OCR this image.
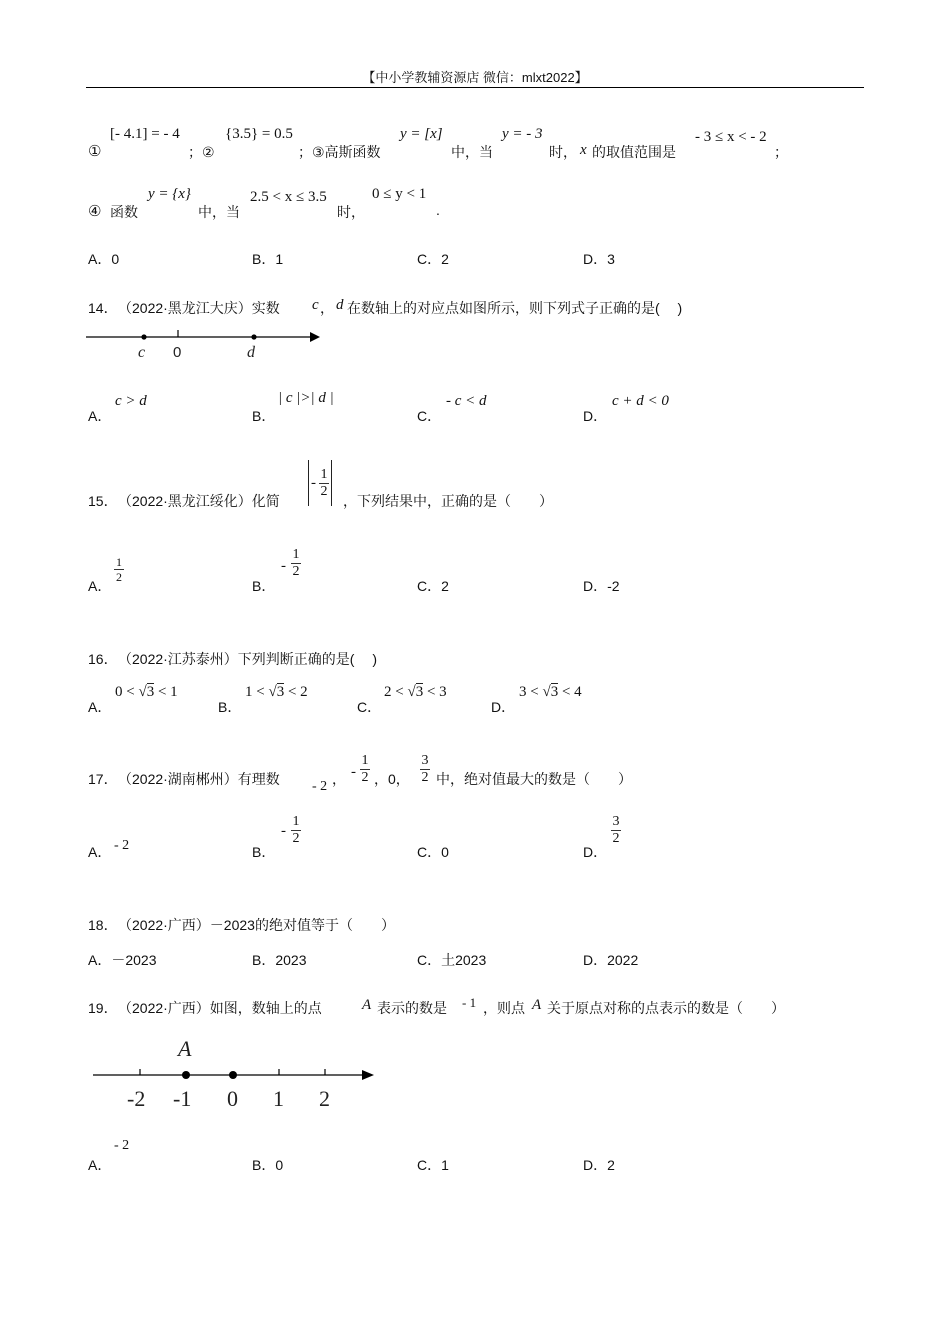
【中小学教辅资源店 微信：mlxt2022】
①
[- 4.1] = - 4
；②
{3.5} = 0.5
；③高斯函数
y = [x]
中，当
y = - 3
时， x 的取值范围是
- 3 ≤ x < - 2
；
④ 函数
y = {x}
中，当
2.5 < x ≤ 3.5
时，
0 ≤ y < 1
.
A．0	B．1	C．2	D．3
14． （2022·黑龙江大庆）实数 c ， d 在数轴上的对应点如图所示，则下列式子正确的是(　 )
c 0	d
A．
c > d
B．
| c |>| d |
C．
- c < d
D．
c + d < 0
15． （2022·黑龙江绥化）化简
- $\frac{1}{2}$
，下列结果中，正确的是（　　）
A．
1
2
B．
-
1
2
C．2	D．-2
16． （2022·江苏泰州）下列判断正确的是(　 )
A．
0 < √3 < 1
B．
1 < √3 < 2
C．
2 < √3 < 3
D．
3 < √3 < 4
17． （2022·湖南郴州）有理数 - 2 ， -
1
2 ，0，
3
2 中，绝对值最大的数是（　　）
A． - 2	B．
-
1
2
C．0	D．
3
2
18． （2022·广西）－2023的绝对值等于（　　）
A．－2023	B．2023	C．土2023	D．2022
19． （2022·广西）如图，数轴上的点	A 表示的数是 - 1 ，则点 A 关于原点对称的点表示的数是（　　）
A
-2 -1 0 1 2
A．
- 2
B．0	C．1	D．2
